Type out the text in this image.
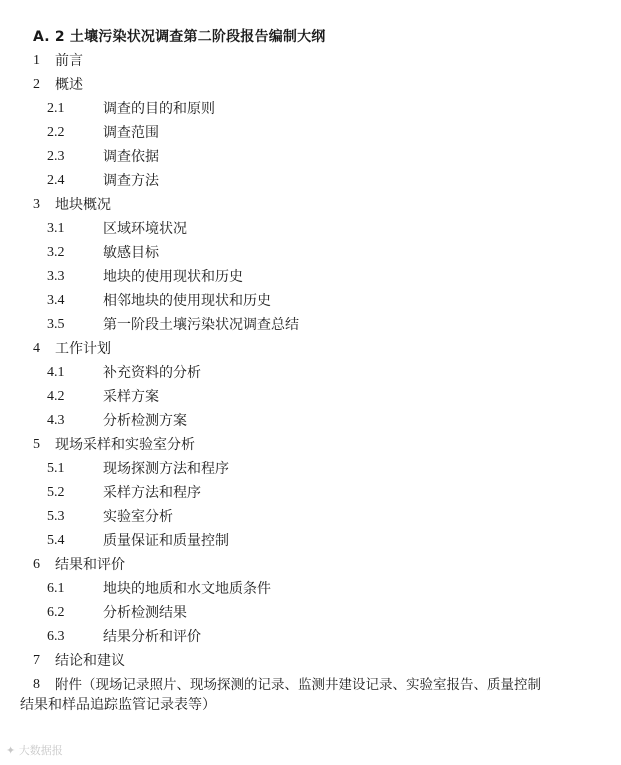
A. 2 土壤污染状况调查第二阶段报告编制大纲
1 前言
2 概述
2.1	调查的目的和原则
2.2	调查范围
2.3	调查依据
2.4	调查方法
3 地块概况
3.1	区域环境状况
3.2	敏感目标
3.3	地块的使用现状和历史
3.4	相邻地块的使用现状和历史
3.5	第一阶段土壤污染状况调查总结
4 工作计划
4.1	补充资料的分析
4.2	采样方案
4.3	分析检测方案
5 现场采样和实验室分析
5.1	现场探测方法和程序
5.2	采样方法和程序
5.3	实验室分析
5.4	质量保证和质量控制
6 结果和评价
6.1	地块的地质和水文地质条件
6.2	分析检测结果
6.3	结果分析和评价
7 结论和建议
8 附件（现场记录照片、现场探测的记录、监测井建设记录、实验室报告、质量控制
结果和样品追踪监管记录表等）
✦ 大数据报
